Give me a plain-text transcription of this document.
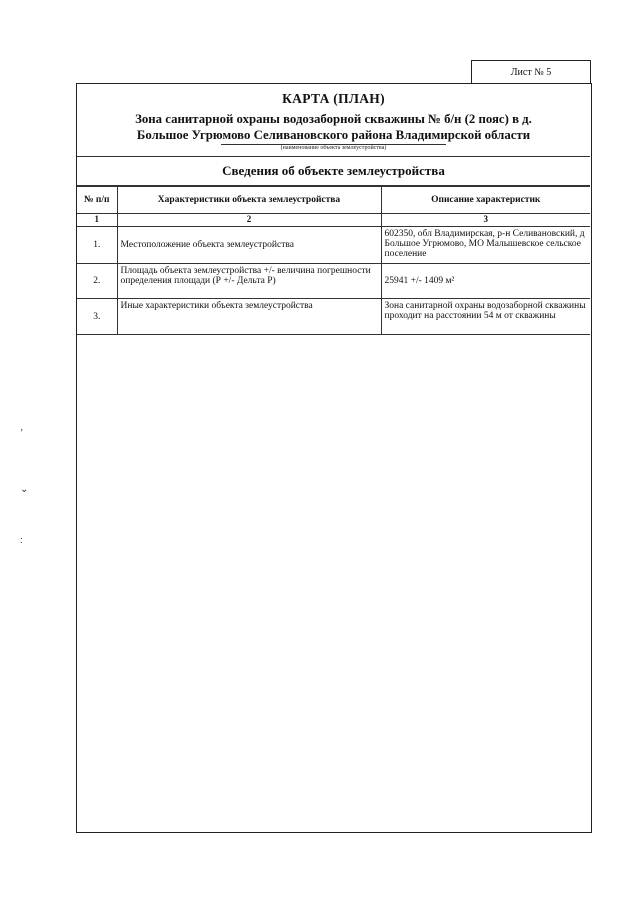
Лист № 5
КАРТА (ПЛАН)
Зона санитарной охраны водозаборной скважины № б/н (2 пояс) в д.
Большое Угрюмово Селивановского района Владимирской области
(наименование объекта землеустройства)
Сведения об объекте землеустройства
№ п/п	Характеристики объекта землеустройства	Описание характеристик
1	2	3
1.	Местоположение объекта землеустройства	602350, обл Владимирская, р-н Селивановский, д Большое Угрюмово, МО Малышевское сельское поселение
2.	Площадь объекта землеустройства +/- величина погрешности определения площади (Р +/- Дельта Р)	25941 +/- 1409 м²
3.	Иные характеристики объекта землеустройства	Зона санитарной охраны водозаборной скважины проходит на расстоянии 54 м от скважины
’
⌄
∶
